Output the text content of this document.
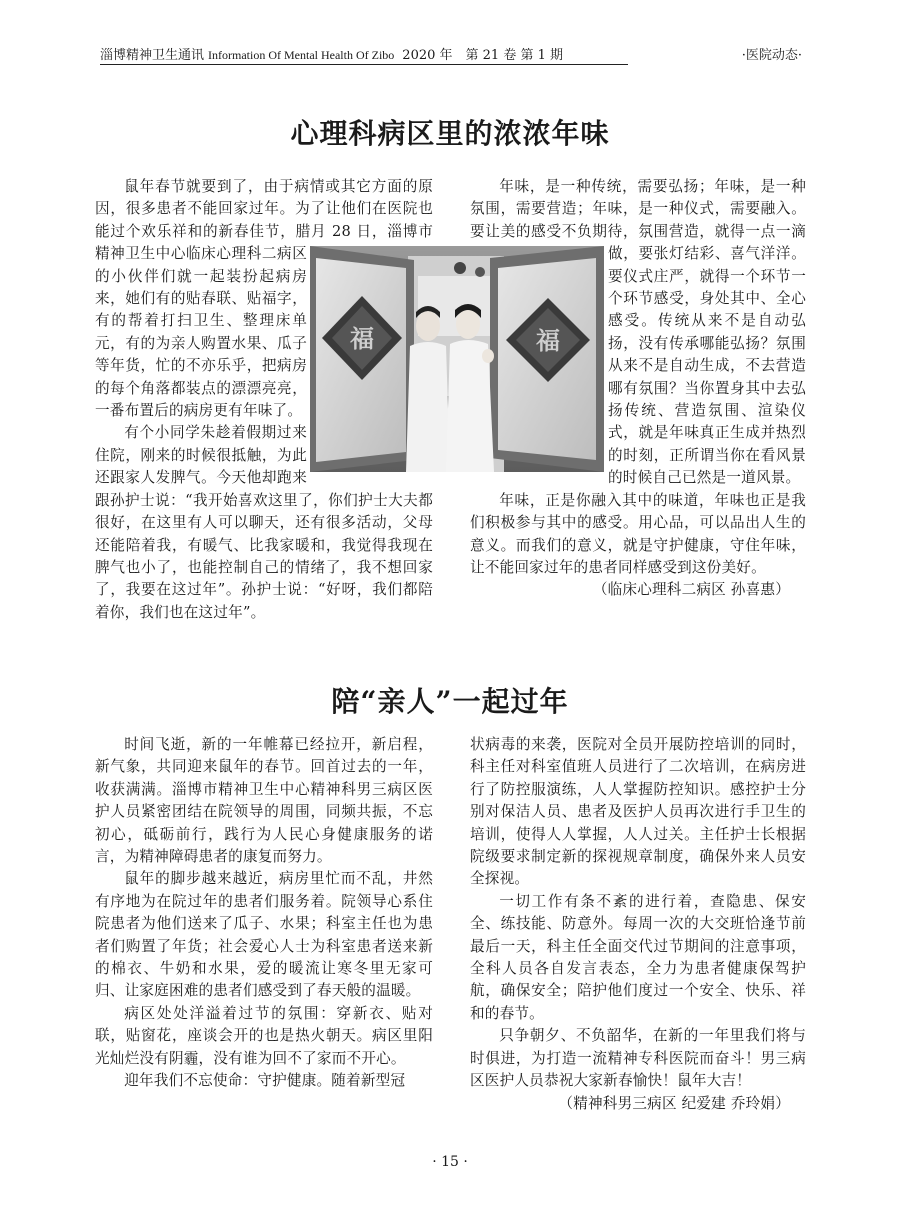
淄博精神卫生通讯 Information Of Mental Health Of Zibo 2020 年　第 21 卷 第 1 期	·医院动态·
心理科病区里的浓浓年味

鼠年春节就要到了，由于病情或其它方面的原因，很多患者不能回家过年。为了让他们在医院也能过个欢乐祥和的新春佳节，腊月 28 日，淄博市精神卫生中心临床心理科二病区的小伙伴们就一起装扮起病房来，她们有的贴春联、贴福字，有的帮着打扫卫生、整理床单元，有的为亲人购置水果、瓜子等年货，忙的不亦乐乎，把病房的每个角落都装点的漂漂亮亮，一番布置后的病房更有年味了。

有个小同学朱趁着假期过来住院，刚来的时候很抵触，为此还跟家人发脾气。今天他却跑来跟孙护士说：“我开始喜欢这里了，你们护士大夫都很好，在这里有人可以聊天，还有很多活动，父母还能陪着我，有暖气、比我家暖和，我觉得我现在脾气也小了，也能控制自己的情绪了，我不想回家了，我要在这过年”。孙护士说：“好呀，我们都陪着你，我们也在这过年”。

年味，是一种传统，需要弘扬；年味，是一种氛围，需要营造；年味，是一种仪式，需要融入。要让美的感受不负期待，氛围营造，就得一点一滴做，要张灯结彩、喜气洋洋。要仪式庄严，就得一个环节一个环节感受，身处其中、全心感受。传统从来不是自动弘扬，没有传承哪能弘扬？氛围从来不是自动生成，不去营造哪有氛围？当你置身其中去弘扬传统、营造氛围、渲染仪式，就是年味真正生成并热烈的时刻，正所谓当你在看风景的时候自己已然是一道风景。

年味，正是你融入其中的味道，年味也正是我们积极参与其中的感受。用心品，可以品出人生的意义。而我们的意义，就是守护健康，守住年味，让不能回家过年的患者同样感受到这份美好。

（临床心理科二病区 孙喜惠）

福	福
陪“亲人”一起过年

时间飞逝，新的一年帷幕已经拉开，新启程，新气象，共同迎来鼠年的春节。回首过去的一年，收获满满。淄博市精神卫生中心精神科男三病区医护人员紧密团结在院领导的周围，同频共振，不忘初心，砥砺前行，践行为人民心身健康服务的诺言，为精神障碍患者的康复而努力。

鼠年的脚步越来越近，病房里忙而不乱，井然有序地为在院过年的患者们服务着。院领导心系住院患者为他们送来了瓜子、水果；科室主任也为患者们购置了年货；社会爱心人士为科室患者送来新的棉衣、牛奶和水果，爱的暖流让寒冬里无家可归、让家庭困难的患者们感受到了春天般的温暖。

病区处处洋溢着过节的氛围：穿新衣、贴对联，贴窗花，座谈会开的也是热火朝天。病区里阳光灿烂没有阴霾，没有谁为回不了家而不开心。

迎年我们不忘使命：守护健康。随着新型冠

状病毒的来袭，医院对全员开展防控培训的同时，科主任对科室值班人员进行了二次培训，在病房进行了防控服演练，人人掌握防控知识。感控护士分别对保洁人员、患者及医护人员再次进行手卫生的培训，使得人人掌握，人人过关。主任护士长根据院级要求制定新的探视规章制度，确保外来人员安全探视。

一切工作有条不紊的进行着，查隐患、保安全、练技能、防意外。每周一次的大交班恰逢节前最后一天，科主任全面交代过节期间的注意事项，全科人员各自发言表态，全力为患者健康保驾护航，确保安全；陪护他们度过一个安全、快乐、祥和的春节。

只争朝夕、不负韶华，在新的一年里我们将与时俱进，为打造一流精神专科医院而奋斗！男三病区医护人员恭祝大家新春愉快！鼠年大吉！

（精神科男三病区 纪爱建 乔玲娟）

· 15 ·
